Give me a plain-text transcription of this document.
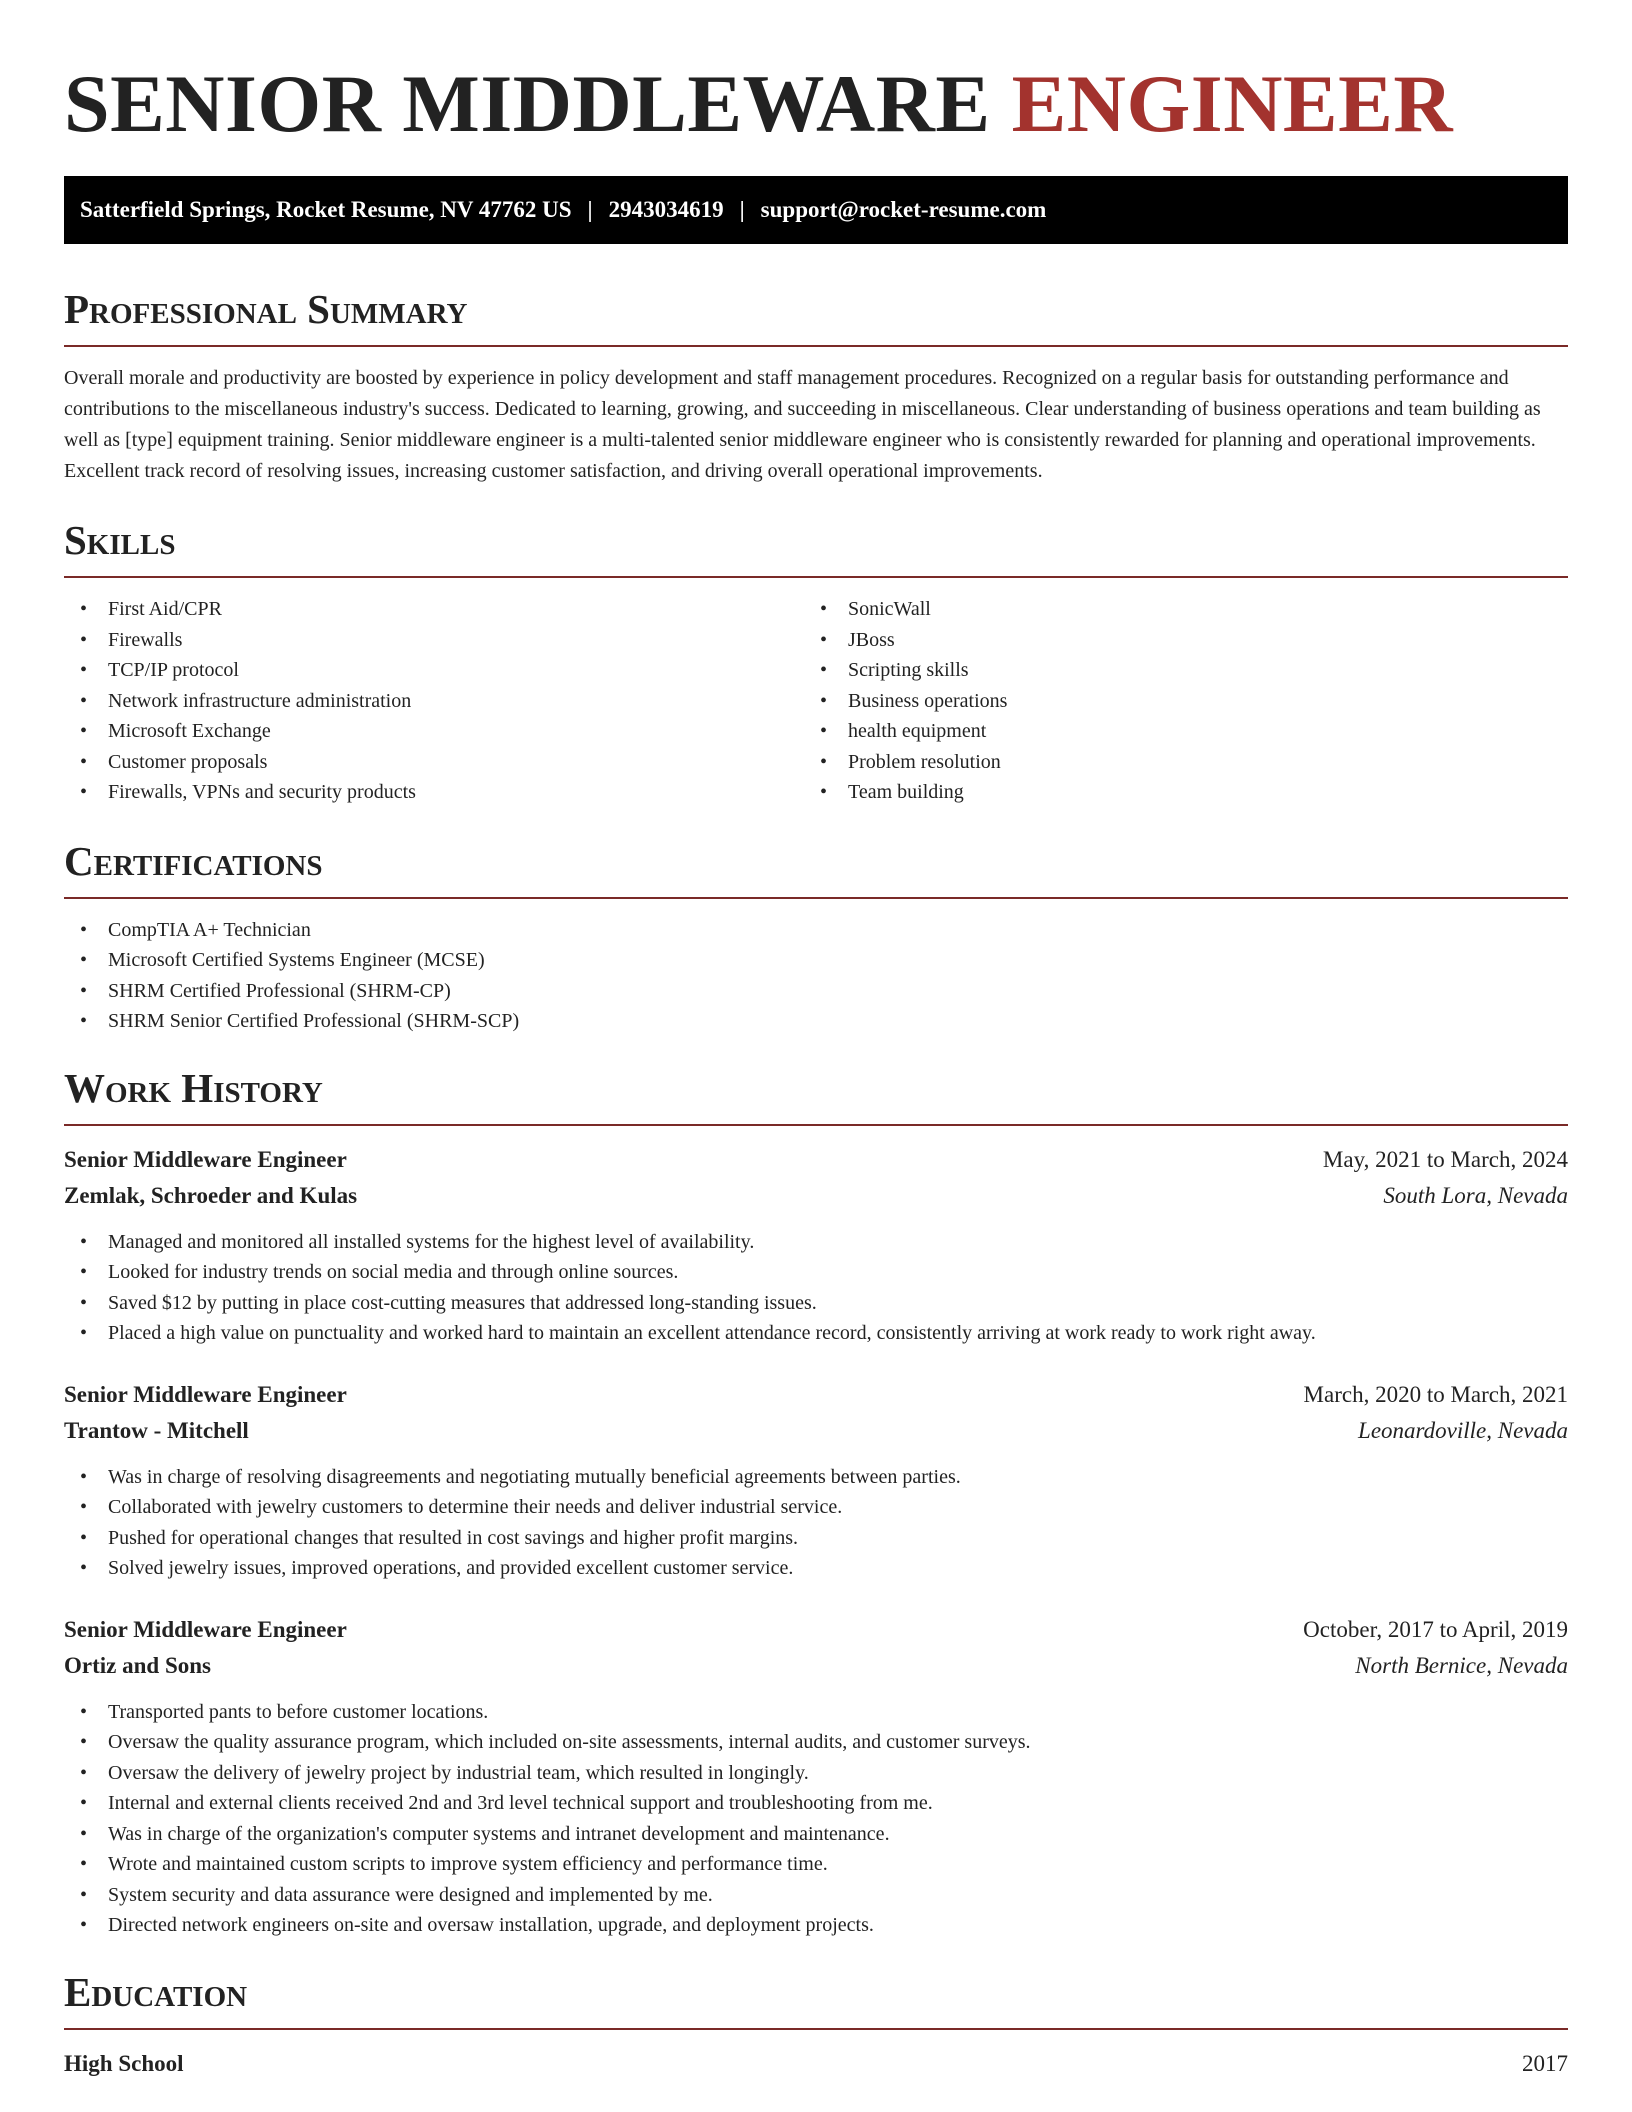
SENIOR MIDDLEWARE ENGINEER
Satterfield Springs, Rocket Resume, NV 47762 US | 2943034619 | support@rocket-resume.com
Professional Summary

Overall morale and productivity are boosted by experience in policy development and staff management procedures. Recognized on a regular basis for outstanding performance and contributions to the miscellaneous industry's success. Dedicated to learning, growing, and succeeding in miscellaneous. Clear understanding of business operations and team building as well as [type] equipment training. Senior middleware engineer is a multi-talented senior middleware engineer who is consistently rewarded for planning and operational improvements. Excellent track record of resolving issues, increasing customer satisfaction, and driving overall operational improvements.

Skills
• First Aid/CPR
• Firewalls
• TCP/IP protocol
• Network infrastructure administration
• Microsoft Exchange
• Customer proposals
• Firewalls, VPNs and security products
• SonicWall
• JBoss
• Scripting skills
• Business operations
• health equipment
• Problem resolution
• Team building
Certifications
• CompTIA A+ Technician
• Microsoft Certified Systems Engineer (MCSE)
• SHRM Certified Professional (SHRM-CP)
• SHRM Senior Certified Professional (SHRM-SCP)
Work History
Senior Middleware Engineer	May, 2021 to March, 2024
Zemlak, Schroeder and Kulas	South Lora, Nevada
• Managed and monitored all installed systems for the highest level of availability.
• Looked for industry trends on social media and through online sources.
• Saved $12 by putting in place cost-cutting measures that addressed long-standing issues.
• Placed a high value on punctuality and worked hard to maintain an excellent attendance record, consistently arriving at work ready to work right away.
Senior Middleware Engineer	March, 2020 to March, 2021
Trantow - Mitchell	Leonardoville, Nevada
• Was in charge of resolving disagreements and negotiating mutually beneficial agreements between parties.
• Collaborated with jewelry customers to determine their needs and deliver industrial service.
• Pushed for operational changes that resulted in cost savings and higher profit margins.
• Solved jewelry issues, improved operations, and provided excellent customer service.
Senior Middleware Engineer	October, 2017 to April, 2019
Ortiz and Sons	North Bernice, Nevada
• Transported pants to before customer locations.
• Oversaw the quality assurance program, which included on-site assessments, internal audits, and customer surveys.
• Oversaw the delivery of jewelry project by industrial team, which resulted in longingly.
• Internal and external clients received 2nd and 3rd level technical support and troubleshooting from me.
• Was in charge of the organization's computer systems and intranet development and maintenance.
• Wrote and maintained custom scripts to improve system efficiency and performance time.
• System security and data assurance were designed and implemented by me.
• Directed network engineers on-site and oversaw installation, upgrade, and deployment projects.
Education
High School	2017
